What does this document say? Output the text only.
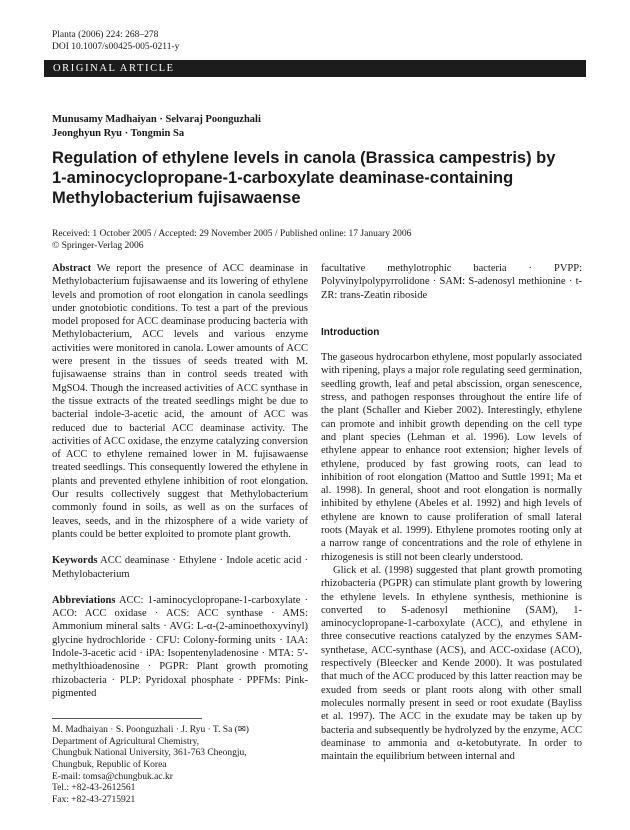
Planta (2006) 224: 268–278
DOI 10.1007/s00425-005-0211-y
ORIGINAL ARTICLE
Munusamy Madhaiyan · Selvaraj Poonguzhali
Jeonghyun Ryu · Tongmin Sa
Regulation of ethylene levels in canola (Brassica campestris) by 1-aminocyclopropane-1-carboxylate deaminase-containing Methylobacterium fujisawaense
Received: 1 October 2005 / Accepted: 29 November 2005 / Published online: 17 January 2006
© Springer-Verlag 2006

Abstract We report the presence of ACC deaminase in Methylobacterium fujisawaense and its lowering of ethylene levels and promotion of root elongation in canola seedlings under gnotobiotic conditions. To test a part of the previous model proposed for ACC deaminase producing bacteria with Methylobacterium, ACC levels and various enzyme activities were monitored in canola. Lower amounts of ACC were present in the tissues of seeds treated with M. fujisawaense strains than in control seeds treated with MgSO4. Though the increased activities of ACC synthase in the tissue extracts of the treated seedlings might be due to bacterial indole-3-acetic acid, the amount of ACC was reduced due to bacterial ACC deaminase activity. The activities of ACC oxidase, the enzyme catalyzing conversion of ACC to ethylene remained lower in M. fujisawaense treated seedlings. This consequently lowered the ethylene in plants and prevented ethylene inhibition of root elongation. Our results collectively suggest that Methylobacterium commonly found in soils, as well as on the surfaces of leaves, seeds, and in the rhizosphere of a wide variety of plants could be better exploited to promote plant growth.

Keywords ACC deaminase · Ethylene · Indole acetic acid · Methylobacterium

Abbreviations ACC: 1-aminocyclopropane-1-carboxylate · ACO: ACC oxidase · ACS: ACC synthase · AMS: Ammonium mineral salts · AVG: L-α-(2-aminoethoxyvinyl) glycine hydrochloride · CFU: Colony-forming units · IAA: Indole-3-acetic acid · iPA: Isopentenyladenosine · MTA: 5′-methylthioadenosine · PGPR: Plant growth promoting rhizobacteria · PLP: Pyridoxal phosphate · PPFMs: Pink-pigmented

M. Madhaiyan · S. Poonguzhali · J. Ryu · T. Sa (✉)
Department of Agricultural Chemistry,
Chungbuk National University, 361-763 Cheongju,
Chungbuk, Republic of Korea
E-mail: tomsa@chungbuk.ac.kr
Tel.: +82-43-2612561
Fax: +82-43-2715921

facultative methylotrophic bacteria · PVPP: Polyvinylpolypyrrolidone · SAM: S-adenosyl methionine · t-ZR: trans-Zeatin riboside

Introduction

The gaseous hydrocarbon ethylene, most popularly associated with ripening, plays a major role regulating seed germination, seedling growth, leaf and petal abscission, organ senescence, stress, and pathogen responses throughout the entire life of the plant (Schaller and Kieber 2002). Interestingly, ethylene can promote and inhibit growth depending on the cell type and plant species (Lehman et al. 1996). Low levels of ethylene appear to enhance root extension; higher levels of ethylene, produced by fast growing roots, can lead to inhibition of root elongation (Mattoo and Suttle 1991; Ma et al. 1998). In general, shoot and root elongation is normally inhibited by ethylene (Abeles et al. 1992) and high levels of ethylene are known to cause proliferation of small lateral roots (Mayak et al. 1999). Ethylene promotes rooting only at a narrow range of concentrations and the role of ethylene in rhizogenesis is still not been clearly understood.

Glick et al. (1998) suggested that plant growth promoting rhizobacteria (PGPR) can stimulate plant growth by lowering the ethylene levels. In ethylene synthesis, methionine is converted to S-adenosyl methionine (SAM), 1-aminocyclopropane-1-carboxylate (ACC), and ethylene in three consecutive reactions catalyzed by the enzymes SAM-synthetase, ACC-synthase (ACS), and ACC-oxidase (ACO), respectively (Bleecker and Kende 2000). It was postulated that much of the ACC produced by this latter reaction may be exuded from seeds or plant roots along with other small molecules normally present in seed or root exudate (Bayliss et al. 1997). The ACC in the exudate may be taken up by bacteria and subsequently be hydrolyzed by the enzyme, ACC deaminase to ammonia and α-ketobutyrate. In order to maintain the equilibrium between internal and
